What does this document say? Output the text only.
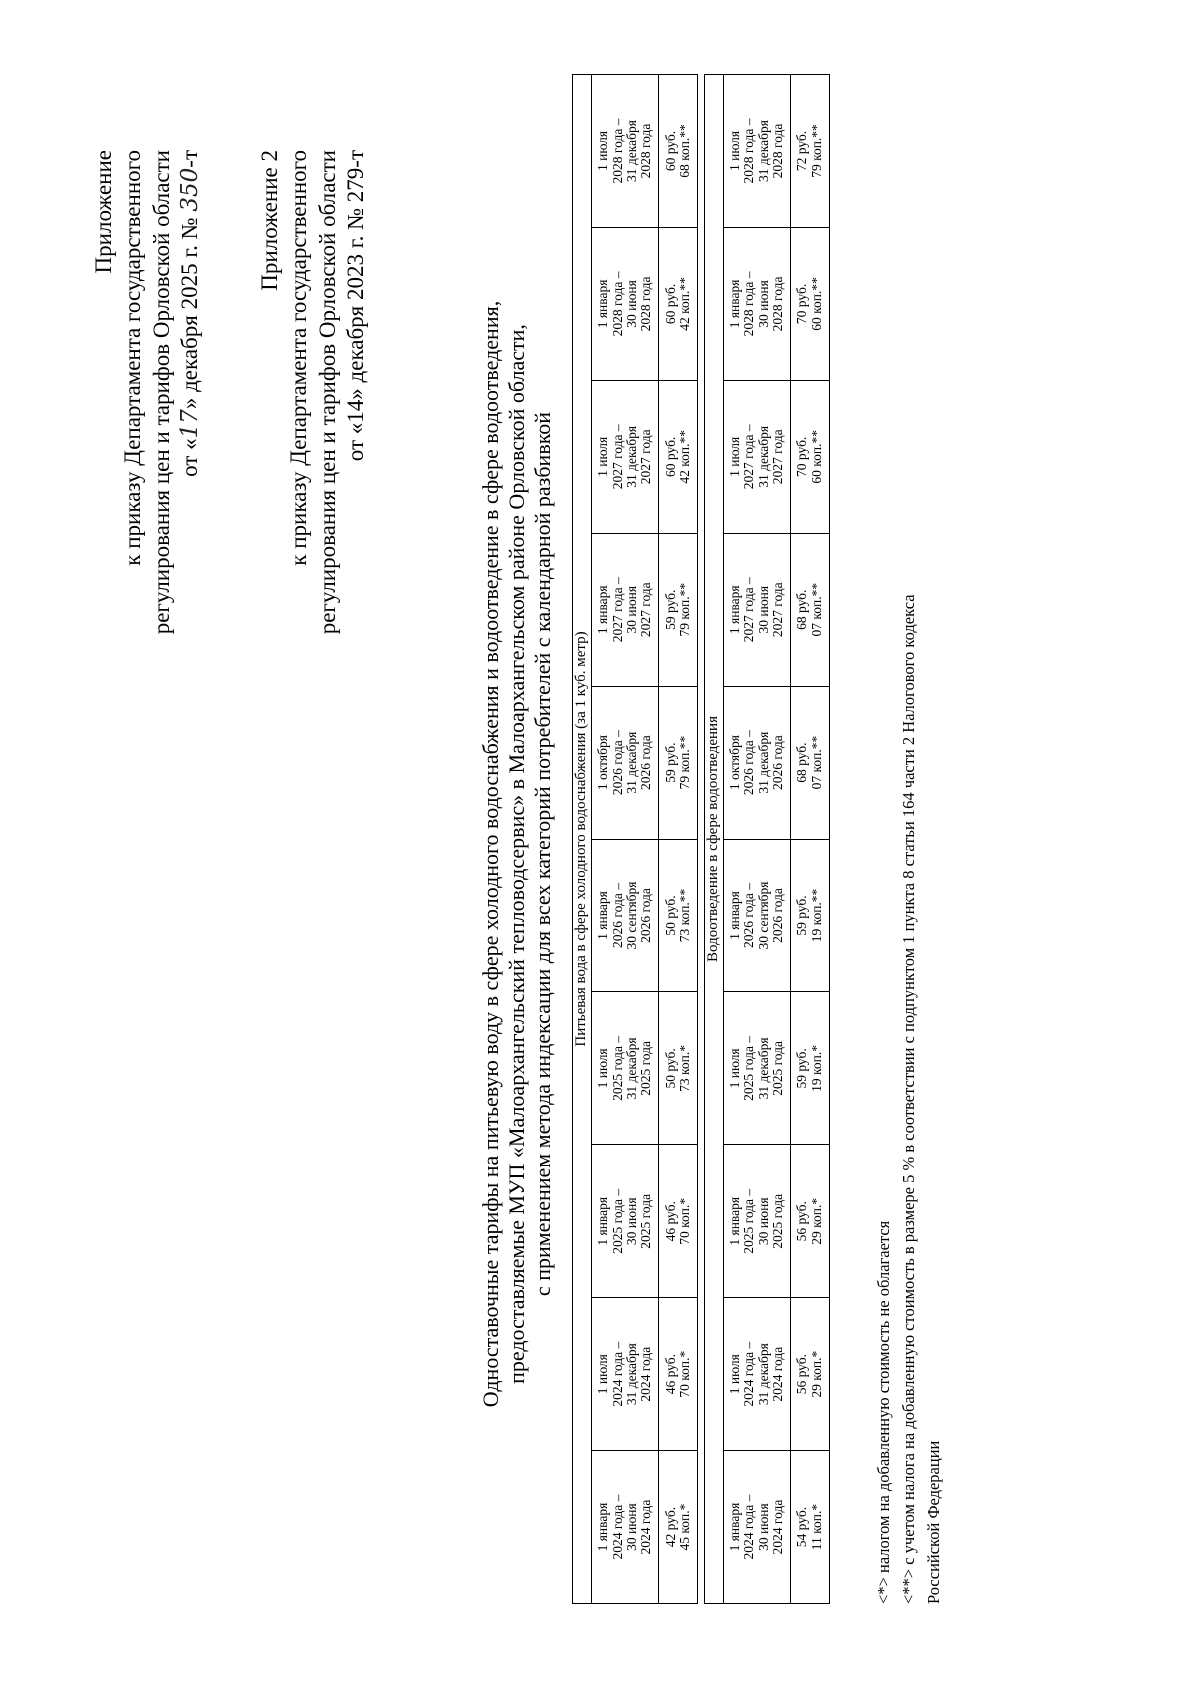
Приложение к приказу Департамента государственного регулирования цен и тарифов Орловской области от «17» декабря 2025 г. № 350-т Приложение 2 к приказу Департамента государственного регулирования цен и тарифов Орловской области от «14» декабря 2023 г. № 279-т	Одноставочные тарифы на питьевую воду в сфере холодного водоснабжения и водоотведение в сфере водоотведения, предоставляемые МУП «Малоархангельский тепловодсервис» в Малоархангельском районе Орловской области, с применением метода индексации для всех категорий потребителей с календарной разбивкой Питьевая вода в сфере холодного водоснабжения (за 1 куб. метр)									

1 января 2024 года – 30 июня 2024 года	1 июля 2024 года – 31 декабря 2024 года	1 января 2025 года – 30 июня 2025 года	1 июля 2025 года – 31 декабря 2025 года	1 января 2026 года – 30 сентября 2026 года	1 октября 2026 года – 31 декабря 2026 года	1 января 2027 года – 30 июня 2027 года	1 июля 2027 года – 31 декабря 2027 года	1 января 2028 года – 30 июня 2028 года	1 июля 2028 года – 31 декабря 2028 года

42 руб. 45 коп.*	46 руб. 70 коп.*	46 руб. 70 коп.*	50 руб. 73 коп.*	50 руб. 73 коп.**	59 руб. 79 коп.**	59 руб. 79 коп.**	60 руб. 42 коп.**	60 руб. 42 коп.**	60 руб. 68 коп.**

Водоотведение в сфере водоотведения									

1 января 2024 года – 30 июня 2024 года	1 июля 2024 года – 31 декабря 2024 года	1 января 2025 года – 30 июня 2025 года	1 июля 2025 года – 31 декабря 2025 года	1 января 2026 года – 30 сентября 2026 года	1 октября 2026 года – 31 декабря 2026 года	1 января 2027 года – 30 июня 2027 года	1 июля 2027 года – 31 декабря 2027 года	1 января 2028 года – 30 июня 2028 года	1 июля 2028 года – 31 декабря 2028 года

54 руб. 11 коп.*	56 руб. 29 коп.*	56 руб. 29 коп.*	59 руб. 19 коп.*	59 руб. 19 коп.**	68 руб. 07 коп.**	68 руб. 07 коп.**	70 руб. 60 коп.**	70 руб. 60 коп.**	72 руб. 79 коп.**
<*> налогом на добавленную стоимость не облагается <**> с учетом налога на добавленную стоимость в размере 5 % в соответствии с подпунктом 1 пункта 8 статьи 164 части 2 Налогового кодекса Российской Федерации
